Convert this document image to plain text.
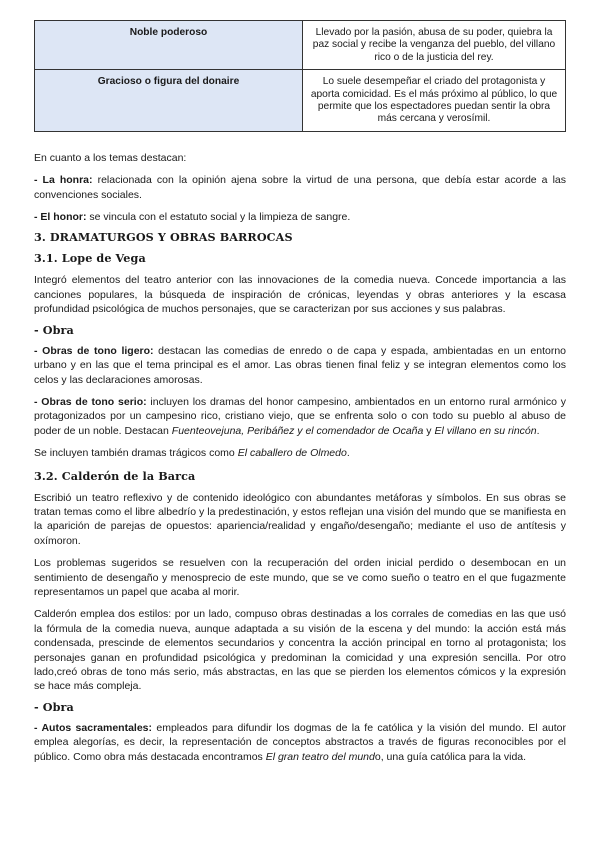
Noble poderoso	Llevado por la pasión, abusa de su poder, quiebra la paz social y recibe la venganza del pueblo, del villano rico o de la justicia del rey.
Gracioso o figura del donaire	Lo suele desempeñar el criado del protagonista y aporta comicidad. Es el más próximo al público, lo que permite que los espectadores puedan sentir la obra más cercana y verosímil.

En cuanto a los temas destacan:

- La honra: relacionada con la opinión ajena sobre la virtud de una persona, que debía estar acorde a las convenciones sociales.

- El honor: se vincula con el estatuto social y la limpieza de sangre.

3. DRAMATURGOS Y OBRAS BARROCAS
3.1. Lope de Vega

Integró elementos del teatro anterior con las innovaciones de la comedia nueva. Concede importancia a las canciones populares, la búsqueda de inspiración de crónicas, leyendas y obras anteriores y la escasa profundidad psicológica de muchos personajes, que se caracterizan por sus acciones y sus palabras.

- Obra

- Obras de tono ligero: destacan las comedias de enredo o de capa y espada, ambientadas en un entorno urbano y en las que el tema principal es el amor. Las obras tienen final feliz y se integran elementos como los celos y las declaraciones amorosas.

- Obras de tono serio: incluyen los dramas del honor campesino, ambientados en un entorno rural armónico y protagonizados por un campesino rico, cristiano viejo, que se enfrenta solo o con todo su pueblo al abuso de poder de un noble. Destacan Fuenteovejuna, Peribáñez y el comendador de Ocaña y El villano en su rincón.

Se incluyen también dramas trágicos como El caballero de Olmedo.

3.2. Calderón de la Barca

Escribió un teatro reflexivo y de contenido ideológico con abundantes metáforas y símbolos. En sus obras se tratan temas como el libre albedrío y la predestinación, y estos reflejan una visión del mundo que se manifiesta en la aparición de parejas de opuestos: apariencia/realidad y engaño/desengaño; mediante el uso de antítesis y oxímoron.

Los problemas sugeridos se resuelven con la recuperación del orden inicial perdido o desembocan en un sentimiento de desengaño y menosprecio de este mundo, que se ve como sueño o teatro en el que fugazmente representamos un papel que acaba al morir.

Calderón emplea dos estilos: por un lado, compuso obras destinadas a los corrales de comedias en las que usó la fórmula de la comedia nueva, aunque adaptada a su visión de la escena y del mundo: la acción está más condensada, prescinde de elementos secundarios y concentra la acción principal en torno al protagonista; los personajes ganan en profundidad psicológica y predominan la comicidad y una expresión sencilla. Por otro lado,creó obras de tono más serio, más abstractas, en las que se pierden los elementos cómicos y la expresión se hace más compleja.

- Obra

- Autos sacramentales: empleados para difundir los dogmas de la fe católica y la visión del mundo. El autor emplea alegorías, es decir, la representación de conceptos abstractos a través de figuras reconocibles por el público. Como obra más destacada encontramos El gran teatro del mundo, una guía católica para la vida.
